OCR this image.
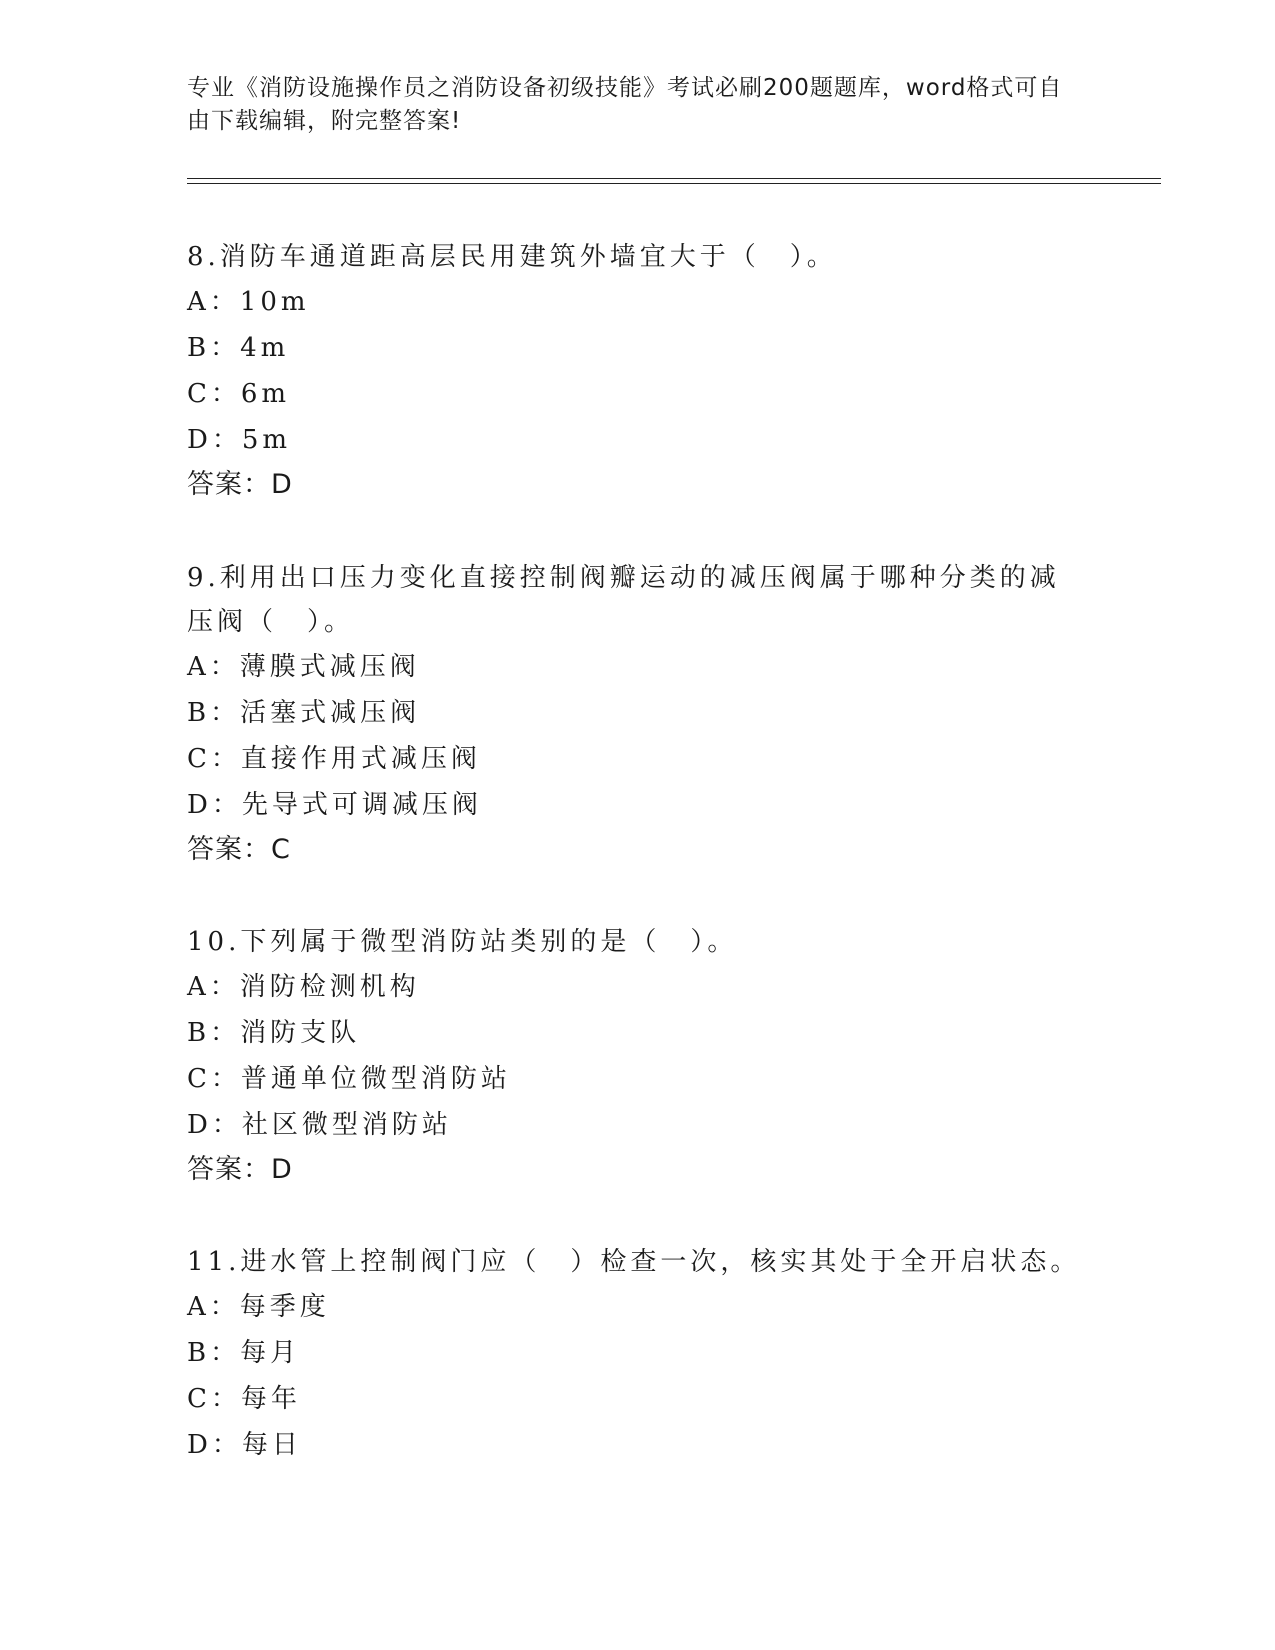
专业《消防设施操作员之消防设备初级技能》考试必刷200题题库，word格式可自由下载编辑，附完整答案!
8.消防车通道距高层民用建筑外墙宜大于（　）。
A：10m
B：4m
C：6m
D：5m
答案：D
9.利用出口压力变化直接控制阀瓣运动的减压阀属于哪种分类的减压阀（　）。
A：薄膜式减压阀
B：活塞式减压阀
C：直接作用式减压阀
D：先导式可调减压阀
答案：C
10.下列属于微型消防站类别的是（　）。
A：消防检测机构
B：消防支队
C：普通单位微型消防站
D：社区微型消防站
答案：D
11.进水管上控制阀门应（　）检查一次，核实其处于全开启状态。
A：每季度
B：每月
C：每年
D：每日
